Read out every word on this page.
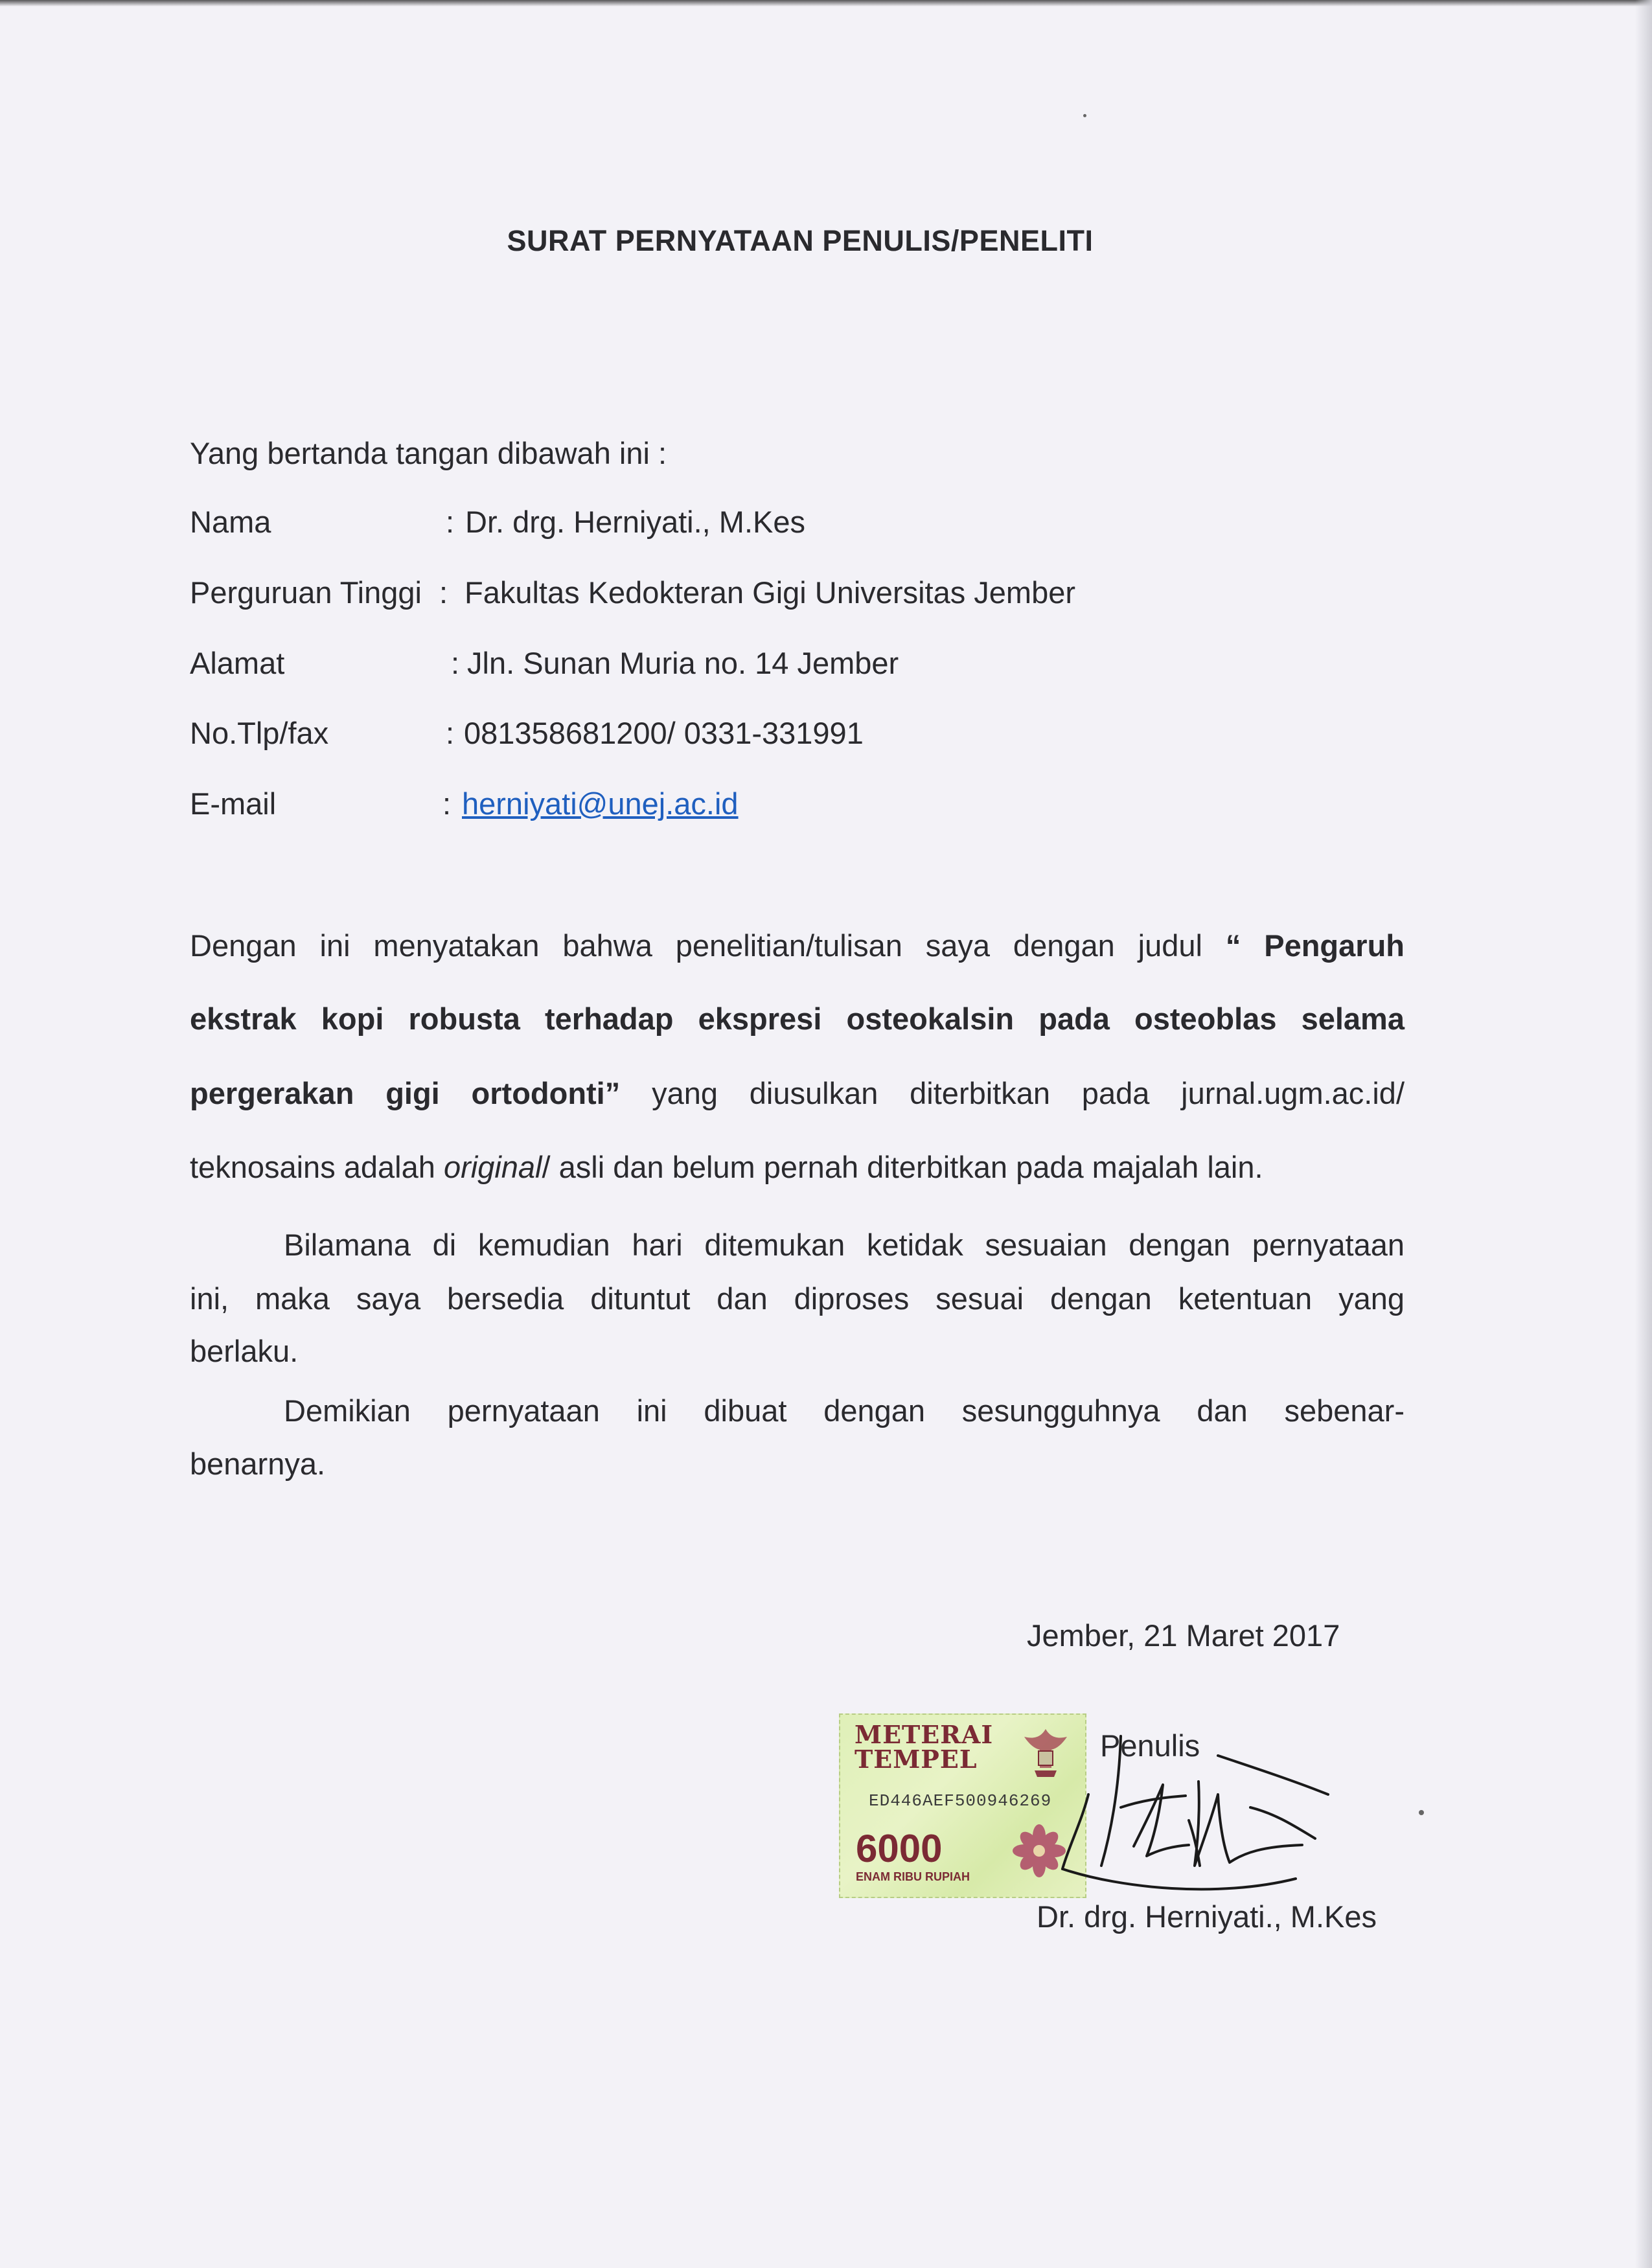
SURAT PERNYATAAN PENULIS/PENELITI
Yang bertanda tangan dibawah ini :
Nama	: Dr. drg. Herniyati., M.Kes
Perguruan Tinggi : Fakultas Kedokteran Gigi Universitas Jember
Alamat	: Jln. Sunan Muria no. 14 Jember
No.Tlp/fax	: 081358681200/ 0331-331991
E-mail	: herniyati@unej.ac.id
Dengan ini menyatakan bahwa penelitian/tulisan saya dengan judul “ Pengaruh
ekstrak kopi robusta terhadap ekspresi osteokalsin pada osteoblas selama
pergerakan gigi ortodonti” yang diusulkan diterbitkan pada jurnal.ugm.ac.id/
teknosains adalah original/ asli dan belum pernah diterbitkan pada majalah lain.
Bilamana di kemudian hari ditemukan ketidak sesuaian dengan pernyataan
ini, maka saya bersedia dituntut dan diproses sesuai dengan ketentuan yang
berlaku.
Demikian pernyataan ini dibuat dengan sesungguhnya dan sebenar-
benarnya.
Jember, 21 Maret 2017
Penulis
METERAI
TEMPEL
ED446AEF500946269
6000
ENAM RIBU RUPIAH
Dr. drg. Herniyati., M.Kes
